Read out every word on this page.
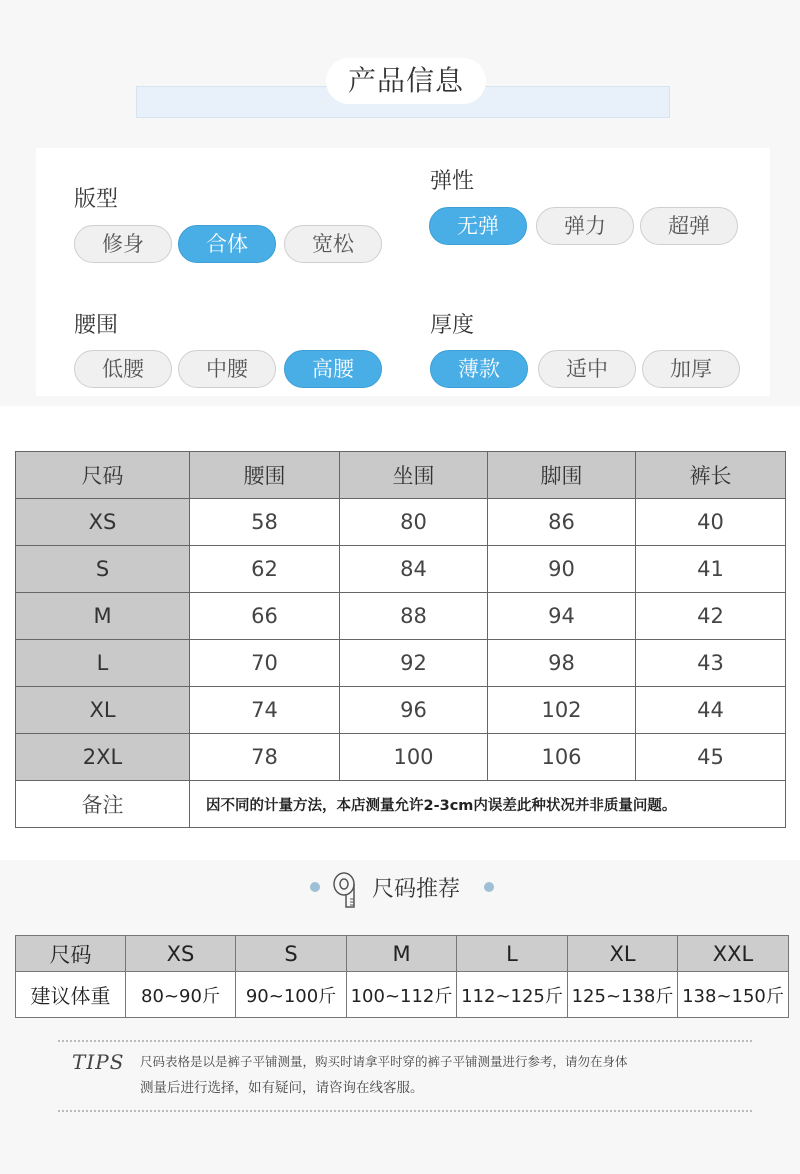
产品信息
版型
修身	合体	宽松
弹性
无弹	弹力	超弹
腰围
低腰	中腰	高腰
厚度
薄款	适中	加厚
尺码	腰围	坐围	脚围	裤长
XS	58	80	86	40
S	62	84	90	41
M	66	88	94	42
L	70	92	98	43
XL	74	96	102	44
2XL	78	100	106	45
备注	因不同的计量方法，本店测量允许2-3cm内误差此种状况并非质量问题。			
尺码推荐
尺码	XS	S	M	L	XL	XXL
建议体重	80~90斤	90~100斤	100~112斤	112~125斤	125~138斤	138~150斤
TIPS 尺码表格是以是裤子平铺测量，购买时请拿平时穿的裤子平铺测量进行参考，请勿在身体
测量后进行选择，如有疑问，请咨询在线客服。
